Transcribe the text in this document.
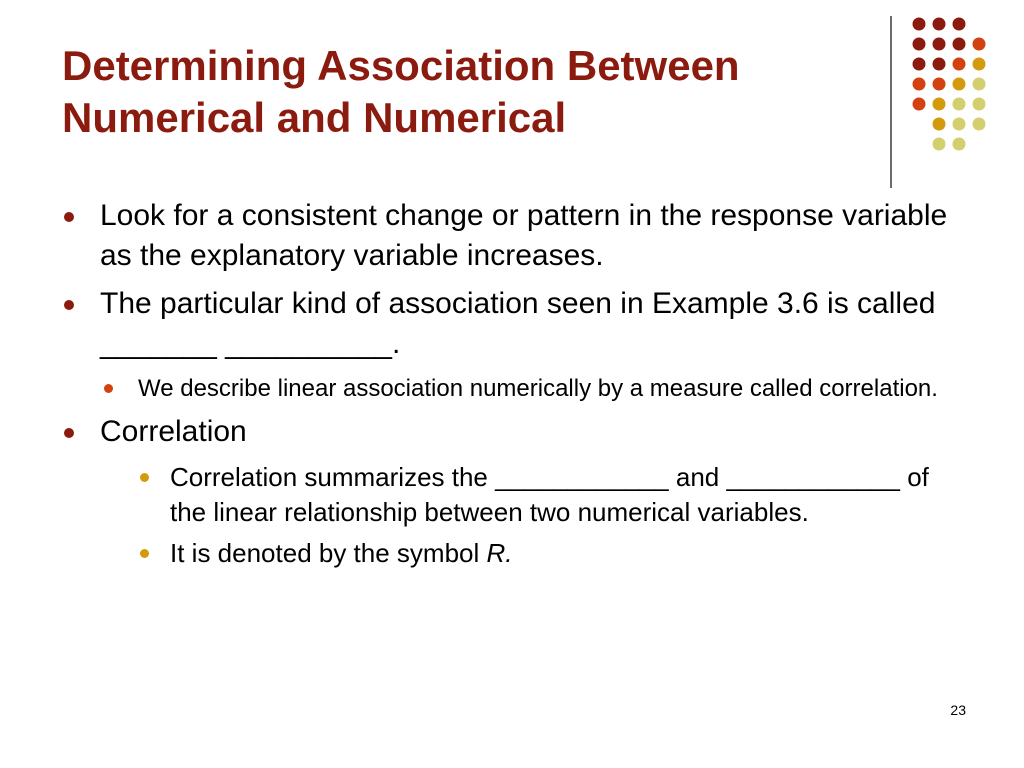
Determining Association Between
Numerical and Numerical
Look for a consistent change or pattern in the response variable as the explanatory variable increases.
The particular kind of association seen in Example 3.6 is called _______ __________.
We describe linear association numerically by a measure called correlation.
Correlation
Correlation summarizes the ____________ and ____________ of the linear relationship between two numerical variables.
It is denoted by the symbol R.
23
